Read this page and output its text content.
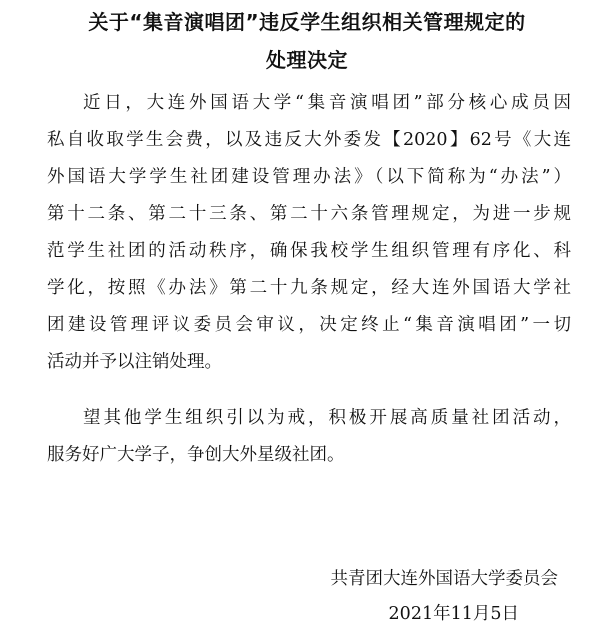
关于“集音演唱团”违反学生组织相关管理规定的
处理决定
近日，大连外国语大学“集音演唱团”部分核心成员因
私自收取学生会费，以及违反大外委发【2020】62号《大连
外国语大学学生社团建设管理办法》（以下简称为“办法”）
第十二条、第二十三条、第二十六条管理规定，为进一步规
范学生社团的活动秩序，确保我校学生组织管理有序化、科
学化，按照《办法》第二十九条规定，经大连外国语大学社
团建设管理评议委员会审议，决定终止“集音演唱团”一切
活动并予以注销处理。
望其他学生组织引以为戒，积极开展高质量社团活动，
服务好广大学子，争创大外星级社团。
共青团大连外国语大学委员会
2021年11月5日
